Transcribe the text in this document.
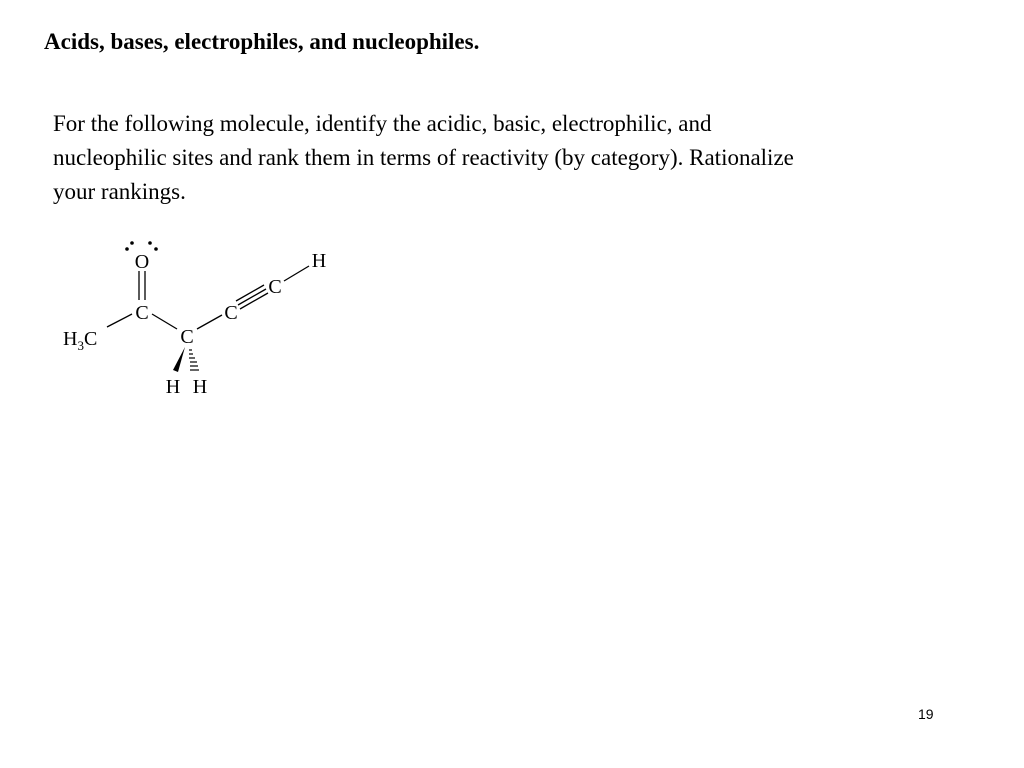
Acids, bases, electrophiles, and nucleophiles.

For the following molecule, identify the acidic, basic, electrophilic, and
nucleophilic sites and rank them in terms of reactivity (by category). Rationalize
your rankings.

O
C
$H_3C$	C
H H
C
C
H
19
